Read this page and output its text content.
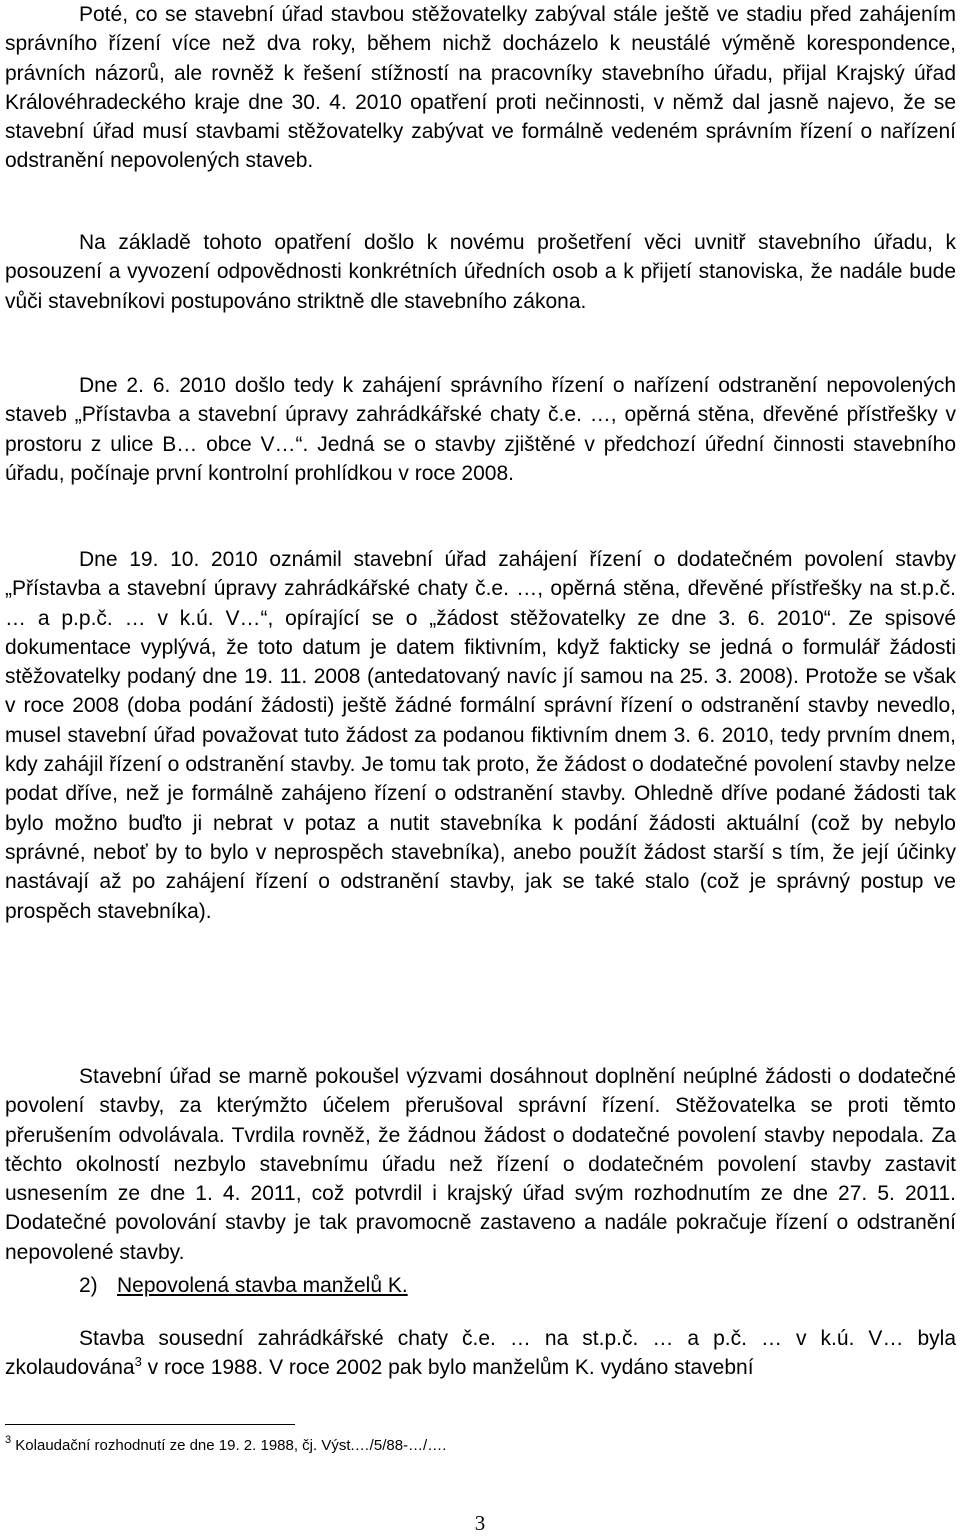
Poté, co se stavební úřad stavbou stěžovatelky zabýval stále ještě ve stadiu před zahájením správního řízení více než dva roky, během nichž docházelo k neustálé výměně korespondence, právních názorů, ale rovněž k řešení stížností na pracovníky stavebního úřadu, přijal Krajský úřad Královéhradeckého kraje dne 30. 4. 2010 opatření proti nečinnosti, v němž dal jasně najevo, že se stavební úřad musí stavbami stěžovatelky zabývat ve formálně vedeném správním řízení o nařízení odstranění nepovolených staveb.

Na základě tohoto opatření došlo k novému prošetření věci uvnitř stavebního úřadu, k posouzení a vyvození odpovědnosti konkrétních úředních osob a k přijetí stanoviska, že nadále bude vůči stavebníkovi postupováno striktně dle stavebního zákona.

Dne 2. 6. 2010 došlo tedy k zahájení správního řízení o nařízení odstranění nepovolených staveb „Přístavba a stavební úpravy zahrádkářské chaty č.e. …, opěrná stěna, dřevěné přístřešky v prostoru z ulice B… obce V…“. Jedná se o stavby zjištěné v předchozí úřední činnosti stavebního úřadu, počínaje první kontrolní prohlídkou v roce 2008.

Dne 19. 10. 2010 oznámil stavební úřad zahájení řízení o dodatečném povolení stavby „Přístavba a stavební úpravy zahrádkářské chaty č.e. …, opěrná stěna, dřevěné přístřešky na st.p.č. … a p.p.č. … v k.ú. V…“, opírající se o „žádost stěžovatelky ze dne 3. 6. 2010“. Ze spisové dokumentace vyplývá, že toto datum je datem fiktivním, když fakticky se jedná o formulář žádosti stěžovatelky podaný dne 19. 11. 2008 (antedatovaný navíc jí samou na 25. 3. 2008). Protože se však v roce 2008 (doba podání žádosti) ještě žádné formální správní řízení o odstranění stavby nevedlo, musel stavební úřad považovat tuto žádost za podanou fiktivním dnem 3. 6. 2010, tedy prvním dnem, kdy zahájil řízení o odstranění stavby. Je tomu tak proto, že žádost o dodatečné povolení stavby nelze podat dříve, než je formálně zahájeno řízení o odstranění stavby. Ohledně dříve podané žádosti tak bylo možno buďto ji nebrat v potaz a nutit stavebníka k podání žádosti aktuální (což by nebylo správné, neboť by to bylo v neprospěch stavebníka), anebo použít žádost starší s tím, že její účinky nastávají až po zahájení řízení o odstranění stavby, jak se také stalo (což je správný postup ve prospěch stavebníka).

Stavební úřad se marně pokoušel výzvami dosáhnout doplnění neúplné žádosti o dodatečné povolení stavby, za kterýmžto účelem přerušoval správní řízení. Stěžovatelka se proti těmto přerušením odvolávala. Tvrdila rovněž, že žádnou žádost o dodatečné povolení stavby nepodala. Za těchto okolností nezbylo stavebnímu úřadu než řízení o dodatečném povolení stavby zastavit usnesením ze dne 1. 4. 2011, což potvrdil i krajský úřad svým rozhodnutím ze dne 27. 5. 2011. Dodatečné povolování stavby je tak pravomocně zastaveno a nadále pokračuje řízení o odstranění nepovolené stavby.

2) Nepovolená stavba manželů K.

Stavba sousední zahrádkářské chaty č.e. … na st.p.č. … a p.č. … v k.ú. V… byla zkolaudována$^3$ v roce 1988. V roce 2002 pak bylo manželům K. vydáno stavební

$^3$ Kolaudační rozhodnutí ze dne 19. 2. 1988, čj. Výst.…/5/88-…/….

3
